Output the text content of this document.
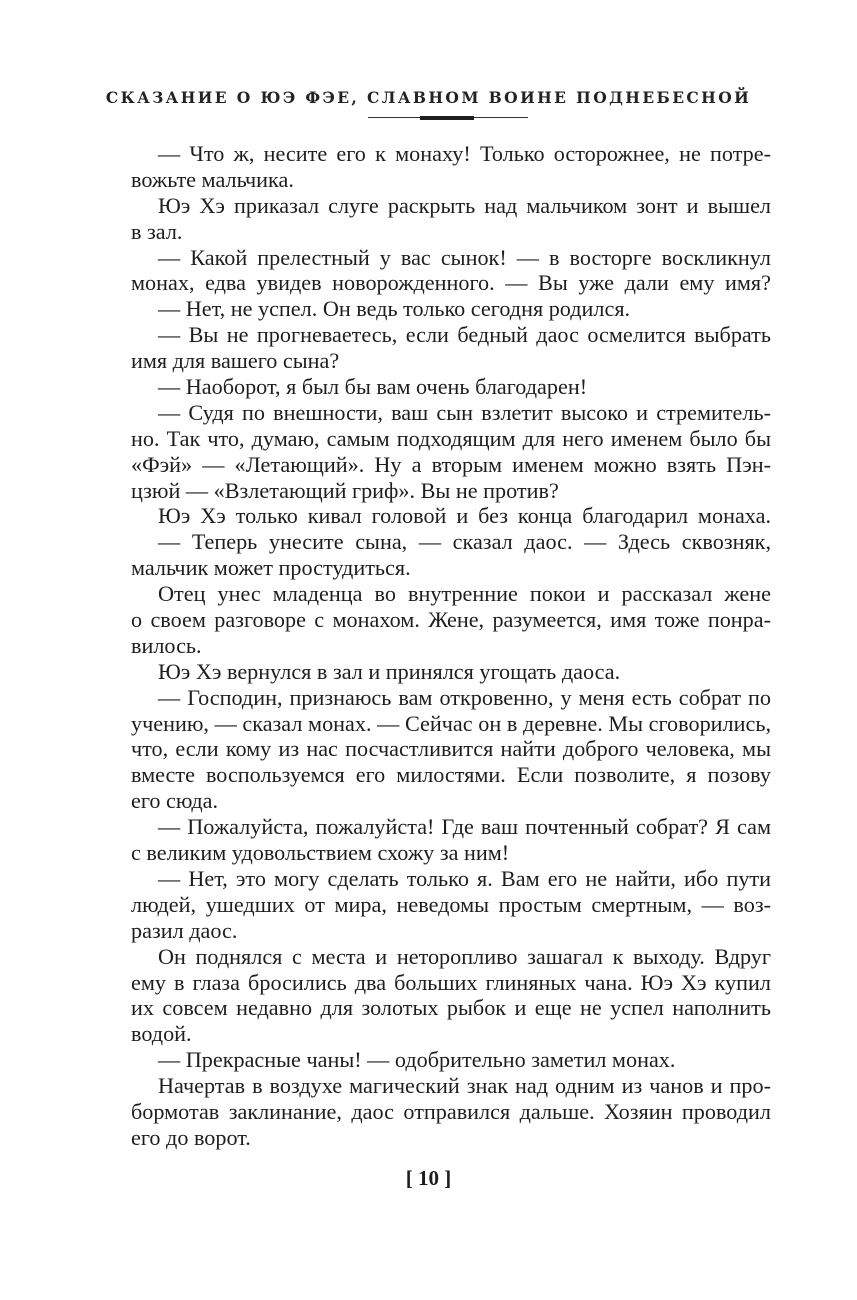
СКАЗАНИЕ О ЮЭ ФЭЕ, СЛАВНОМ ВОИНЕ ПОДНЕБЕСНОЙ
— Что ж, несите его к монаху! Только осторожнее, не потре-
вожьте мальчика.
Юэ Хэ приказал слуге раскрыть над мальчиком зонт и вышел
в зал.
— Какой прелестный у вас сынок! — в восторге воскликнул
монах, едва увидев новорожденного. — Вы уже дали ему имя?
— Нет, не успел. Он ведь только сегодня родился.
— Вы не прогневаетесь, если бедный даос осмелится выбрать
имя для вашего сына?
— Наоборот, я был бы вам очень благодарен!
— Судя по внешности, ваш сын взлетит высоко и стремитель-
но. Так что, думаю, самым подходящим для него именем было бы
«Фэй» — «Летающий». Ну а вторым именем можно взять Пэн-
цзюй — «Взлетающий гриф». Вы не против?
Юэ Хэ только кивал головой и без конца благодарил монаха.
— Теперь унесите сына, — сказал даос. — Здесь сквозняк,
мальчик может простудиться.
Отец унес младенца во внутренние покои и рассказал жене
о своем разговоре с монахом. Жене, разумеется, имя тоже понра-
вилось.
Юэ Хэ вернулся в зал и принялся угощать даоса.
— Господин, признаюсь вам откровенно, у меня есть собрат по
учению, — сказал монах. — Сейчас он в деревне. Мы сговорились,
что, если кому из нас посчастливится найти доброго человека, мы
вместе воспользуемся его милостями. Если позволите, я позову
его сюда.
— Пожалуйста, пожалуйста! Где ваш почтенный собрат? Я сам
с великим удовольствием схожу за ним!
— Нет, это могу сделать только я. Вам его не найти, ибо пути
людей, ушедших от мира, неведомы простым смертным, — воз-
разил даос.
Он поднялся с места и неторопливо зашагал к выходу. Вдруг
ему в глаза бросились два больших глиняных чана. Юэ Хэ купил
их совсем недавно для золотых рыбок и еще не успел наполнить
водой.
— Прекрасные чаны! — одобрительно заметил монах.
Начертав в воздухе магический знак над одним из чанов и про-
бормотав заклинание, даос отправился дальше. Хозяин проводил
его до ворот.
[ 10 ]
